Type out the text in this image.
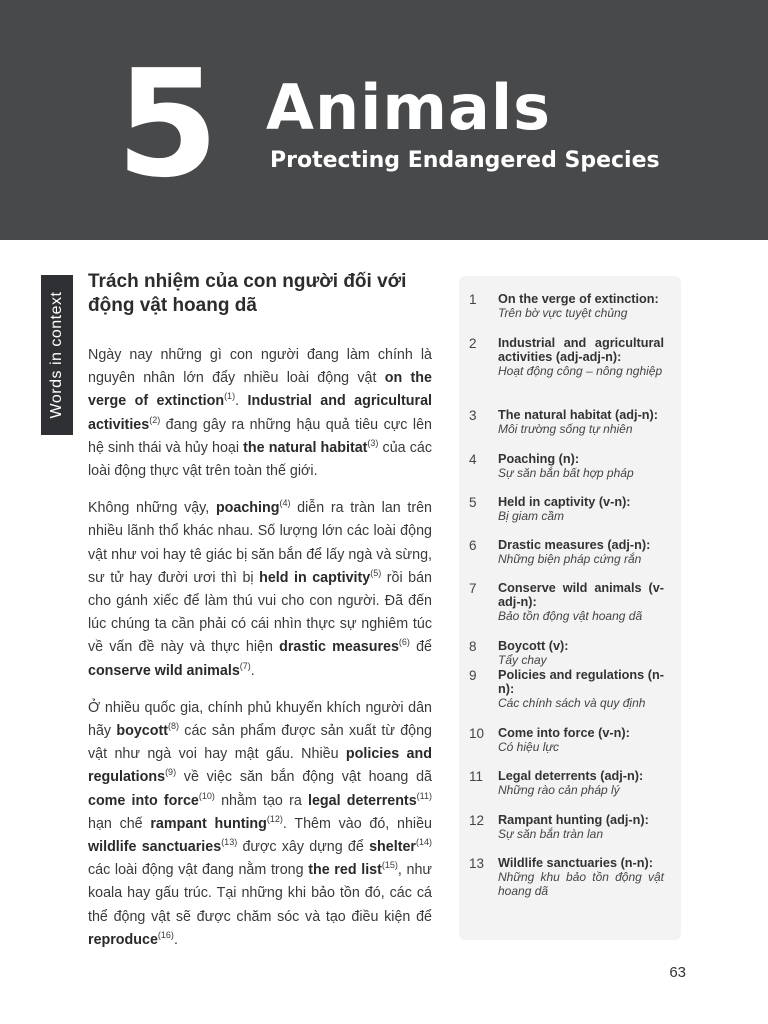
5 Animals
Protecting Endangered Species
Words in context
Trách nhiệm của con người đối với động vật hoang dã

Ngày nay những gì con người đang làm chính là nguyên nhân lớn đẩy nhiều loài động vật on the verge of extinction$^{(1)}$. Industrial and agricultural activities$^{(2)}$ đang gây ra những hậu quả tiêu cực lên hệ sinh thái và hủy hoại the natural habitat$^{(3)}$ của các loài động thực vật trên toàn thế giới.

Không những vậy, poaching$^{(4)}$ diễn ra tràn lan trên nhiều lãnh thổ khác nhau. Số lượng lớn các loài động vật như voi hay tê giác bị săn bắn để lấy ngà và sừng, sư tử hay đười ươi thì bị held in captivity$^{(5)}$ rồi bán cho gánh xiếc để làm thú vui cho con người. Đã đến lúc chúng ta cần phải có cái nhìn thực sự nghiêm túc về vấn đề này và thực hiện drastic measures$^{(6)}$ để conserve wild animals$^{(7)}$.

Ở nhiều quốc gia, chính phủ khuyến khích người dân hãy boycott$^{(8)}$ các sản phẩm được sản xuất từ động vật như ngà voi hay mật gấu. Nhiều policies and regulations$^{(9)}$ về việc săn bắn động vật hoang dã come into force$^{(10)}$ nhằm tạo ra legal deterrents$^{(11)}$ hạn chế rampant hunting$^{(12)}$. Thêm vào đó, nhiều wildlife sanctuaries$^{(13)}$ được xây dựng để shelter$^{(14)}$ các loài động vật đang nằm trong the red list$^{(15)}$, như koala hay gấu trúc. Tại những khi bảo tồn đó, các cá thể động vật sẽ được chăm sóc và tạo điều kiện để reproduce$^{(16)}$.

1	On the verge of extinction:
Trên bờ vực tuyệt chủng
2	Industrial and agricultural activities (adj-adj-n):
Hoạt động công – nông nghiệp
3	The natural habitat (adj-n):
Môi trường sống tự nhiên
4	Poaching (n):
Sự săn bắn bất hợp pháp
5	Held in captivity (v-n):
Bị giam cầm
6	Drastic measures (adj-n):
Những biện pháp cứng rắn
7	Conserve wild animals (v-adj-n):
Bảo tồn động vật hoang dã
8	Boycott (v):
Tẩy chay
9	Policies and regulations (n-n):
Các chính sách và quy định
10	Come into force (v-n):
Có hiệu lực
11	Legal deterrents (adj-n):
Những rào cản pháp lý
12	Rampant hunting (adj-n):
Sự săn bắn tràn lan
13	Wildlife sanctuaries (n-n):
Những khu bảo tồn động vật hoang dã
63
